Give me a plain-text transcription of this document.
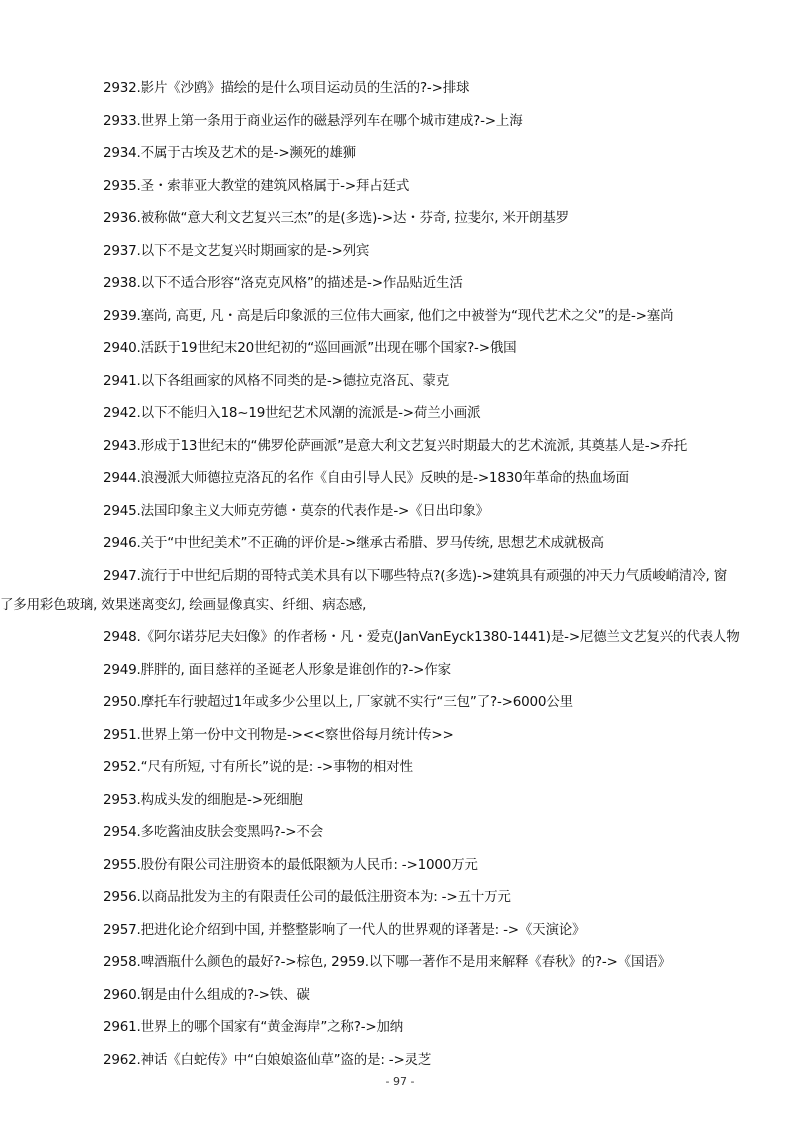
2932.影片《沙鸥》描绘的是什么项目运动员的生活的?->排球
2933.世界上第一条用于商业运作的磁悬浮列车在哪个城市建成?->上海
2934.不属于古埃及艺术的是->濒死的雄狮
2935.圣・索菲亚大教堂的建筑风格属于->拜占廷式
2936.被称做“意大利文艺复兴三杰”的是(多选)->达・芬奇, 拉斐尔, 米开朗基罗
2937.以下不是文艺复兴时期画家的是->列宾
2938.以下不适合形容“洛克克风格”的描述是->作品贴近生活
2939.塞尚, 高更, 凡・高是后印象派的三位伟大画家, 他们之中被誉为“现代艺术之父”的是->塞尚
2940.活跃于19世纪末20世纪初的“巡回画派”出现在哪个国家?->俄国
2941.以下各组画家的风格不同类的是->德拉克洛瓦、蒙克
2942.以下不能归入18~19世纪艺术风潮的流派是->荷兰小画派
2943.形成于13世纪末的“佛罗伦萨画派”是意大利文艺复兴时期最大的艺术流派, 其奠基人是->乔托
2944.浪漫派大师德拉克洛瓦的名作《自由引导人民》反映的是->1830年革命的热血场面
2945.法国印象主义大师克劳德・莫奈的代表作是->《日出印象》
2946.关于“中世纪美术”不正确的评价是->继承古希腊、罗马传统, 思想艺术成就极高
2947.流行于中世纪后期的哥特式美术具有以下哪些特点?(多选)->建筑具有顽强的冲天力气质峻峭清冷, 窗
了多用彩色玻璃, 效果迷离变幻, 绘画显像真实、纤细、病态感,
2948.《阿尔诺芬尼夫妇像》的作者杨・凡・爱克(JanVanEyck1380-1441)是->尼德兰文艺复兴的代表人物
2949.胖胖的, 面目慈祥的圣诞老人形象是谁创作的?->作家
2950.摩托车行驶超过1年或多少公里以上, 厂家就不实行“三包”了?->6000公里
2951.世界上第一份中文刊物是-><<察世俗每月统计传>>
2952.“尺有所短, 寸有所长”说的是: ->事物的相对性
2953.构成头发的细胞是->死细胞
2954.多吃酱油皮肤会变黑吗?->不会
2955.股份有限公司注册资本的最低限额为人民币: ->1000万元
2956.以商品批发为主的有限责任公司的最低注册资本为: ->五十万元
2957.把进化论介绍到中国, 并整整影响了一代人的世界观的译著是: ->《天演论》
2958.啤酒瓶什么颜色的最好?->棕色, 2959.以下哪一著作不是用来解释《春秋》的?->《国语》
2960.钢是由什么组成的?->铁、碳
2961.世界上的哪个国家有“黄金海岸”之称?->加纳
2962.神话《白蛇传》中“白娘娘盗仙草”盗的是: ->灵芝
- 97 -
